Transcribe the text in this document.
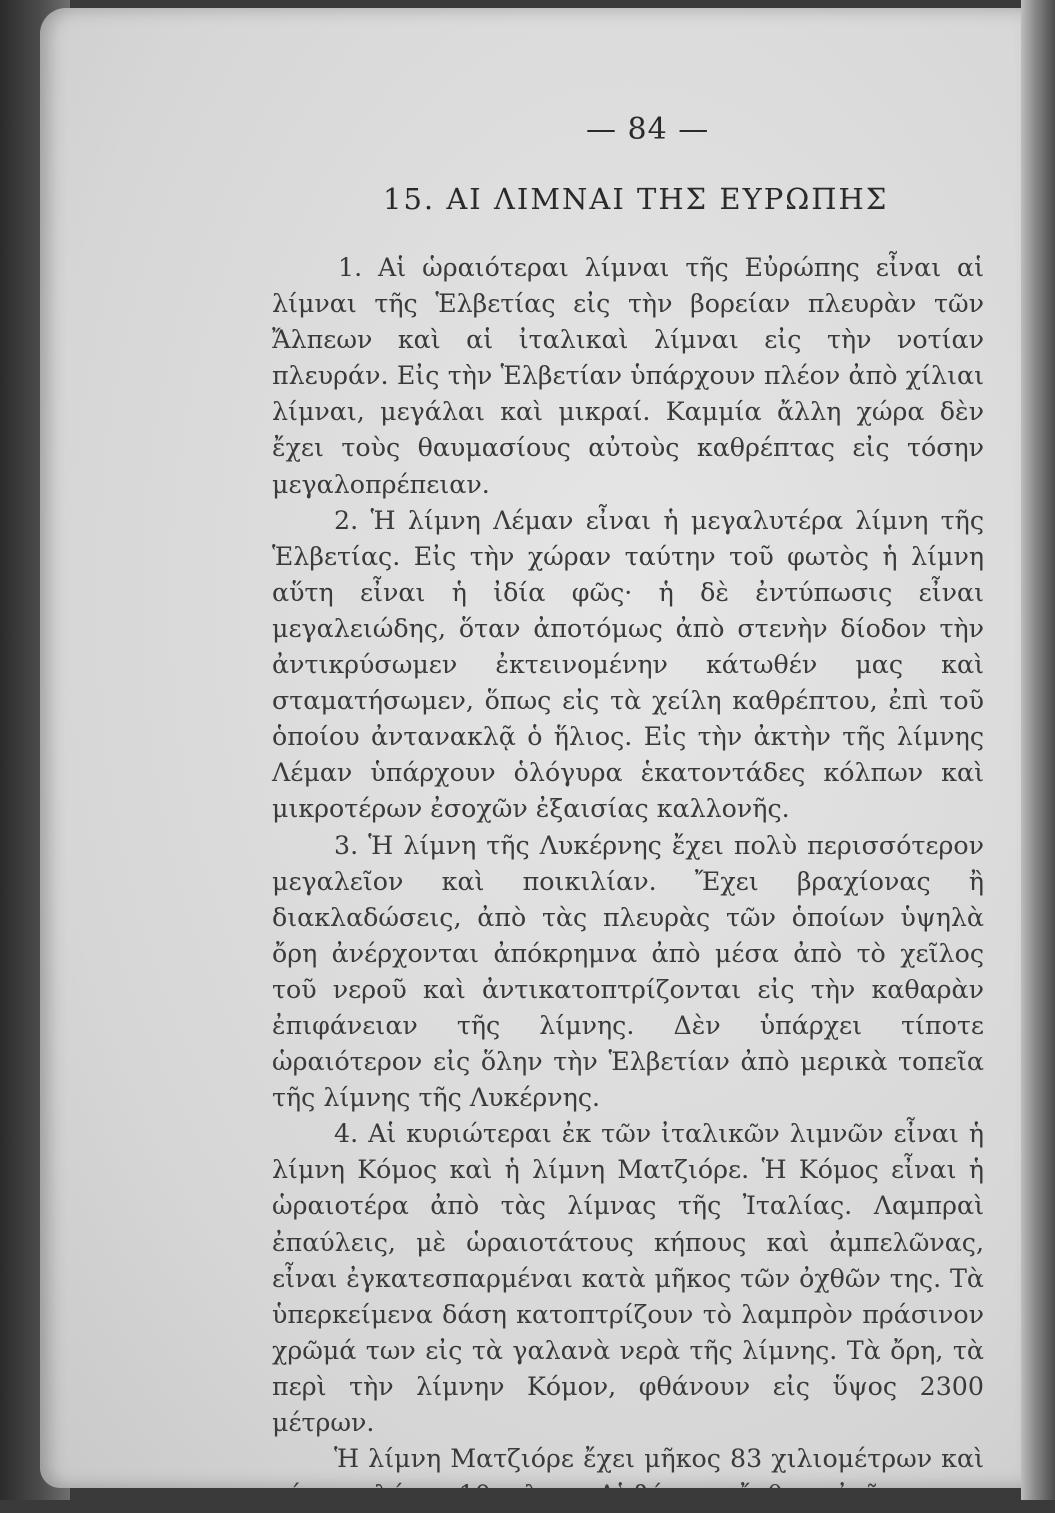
— 84 —
15. ΑΙ ΛΙΜΝΑΙ ΤΗΣ ΕΥΡΩΠΗΣ

1. Αἱ ὡραιότεραι λίμναι τῆς Εὐρώπης εἶναι αἱ λίμναι τῆς Ἑλβετίας εἰς τὴν βορείαν πλευρὰν τῶν Ἄλπεων καὶ αἱ ἰταλικαὶ λίμναι εἰς τὴν νοτίαν πλευράν. Εἰς τὴν Ἑλβετίαν ὑπάρχουν πλέον ἀπὸ χίλιαι λίμναι, μεγάλαι καὶ μικραί. Καμμία ἄλλη χώρα δὲν ἔχει τοὺς θαυμασίους αὐτοὺς καθρέπτας εἰς τόσην μεγαλοπρέπειαν.

2. Ἡ λίμνη Λέμαν εἶναι ἡ μεγαλυτέρα λίμνη τῆς Ἑλβετίας. Εἰς τὴν χώραν ταύτην τοῦ φωτὸς ἡ λίμνη αὕτη εἶναι ἡ ἰδία φῶς· ἡ δὲ ἐντύπωσις εἶναι μεγαλειώδης, ὅταν ἀποτόμως ἀπὸ στενὴν δίοδον τὴν ἀντικρύσωμεν ἐκτεινομένην κάτωθέν μας καὶ σταματήσωμεν, ὅπως εἰς τὰ χείλη καθρέπτου, ἐπὶ τοῦ ὁποίου ἀντανακλᾷ ὁ ἥλιος. Εἰς τὴν ἀκτὴν τῆς λίμνης Λέμαν ὑπάρχουν ὁλόγυρα ἑκατοντάδες κόλπων καὶ μικροτέρων ἐσοχῶν ἐξαισίας καλλονῆς.

3. Ἡ λίμνη τῆς Λυκέρνης ἔχει πολὺ περισσότερον μεγαλεῖον καὶ ποικιλίαν. Ἔχει βραχίονας ἢ διακλαδώσεις, ἀπὸ τὰς πλευρὰς τῶν ὁποίων ὑψηλὰ ὄρη ἀνέρχονται ἀπόκρημνα ἀπὸ μέσα ἀπὸ τὸ χεῖλος τοῦ νεροῦ καὶ ἀντικατοπτρίζονται εἰς τὴν καθαρὰν ἐπιφάνειαν τῆς λίμνης. Δὲν ὑπάρχει τίποτε ὡραιότερον εἰς ὅλην τὴν Ἑλβετίαν ἀπὸ μερικὰ τοπεῖα τῆς λίμνης τῆς Λυκέρνης.

4. Αἱ κυριώτεραι ἐκ τῶν ἰταλικῶν λιμνῶν εἶναι ἡ λίμνη Κόμος καὶ ἡ λίμνη Ματζιόρε. Ἡ Κόμος εἶναι ἡ ὡραιοτέρα ἀπὸ τὰς λίμνας τῆς Ἰταλίας. Λαμπραὶ ἐπαύλεις, μὲ ὡραιοτάτους κήπους καὶ ἀμπελῶνας, εἶναι ἐγκατεσπαρμέναι κατὰ μῆκος τῶν ὀχθῶν της. Τὰ ὑπερκείμενα δάση κατοπτρίζουν τὸ λαμπρὸν πράσινον χρῶμά των εἰς τὰ γαλανὰ νερὰ τῆς λίμνης. Τὰ ὄρη, τὰ περὶ τὴν λίμνην Κόμον, φθάνουν εἰς ὕψος 2300 μέτρων.

Ἡ λίμνη Ματζιόρε ἔχει μῆκος 83 χιλιομέτρων καὶ μέσον πλάτος 10 χιλιομ. Αἱ βόρειαι ὄχθαι αὐτῆς
